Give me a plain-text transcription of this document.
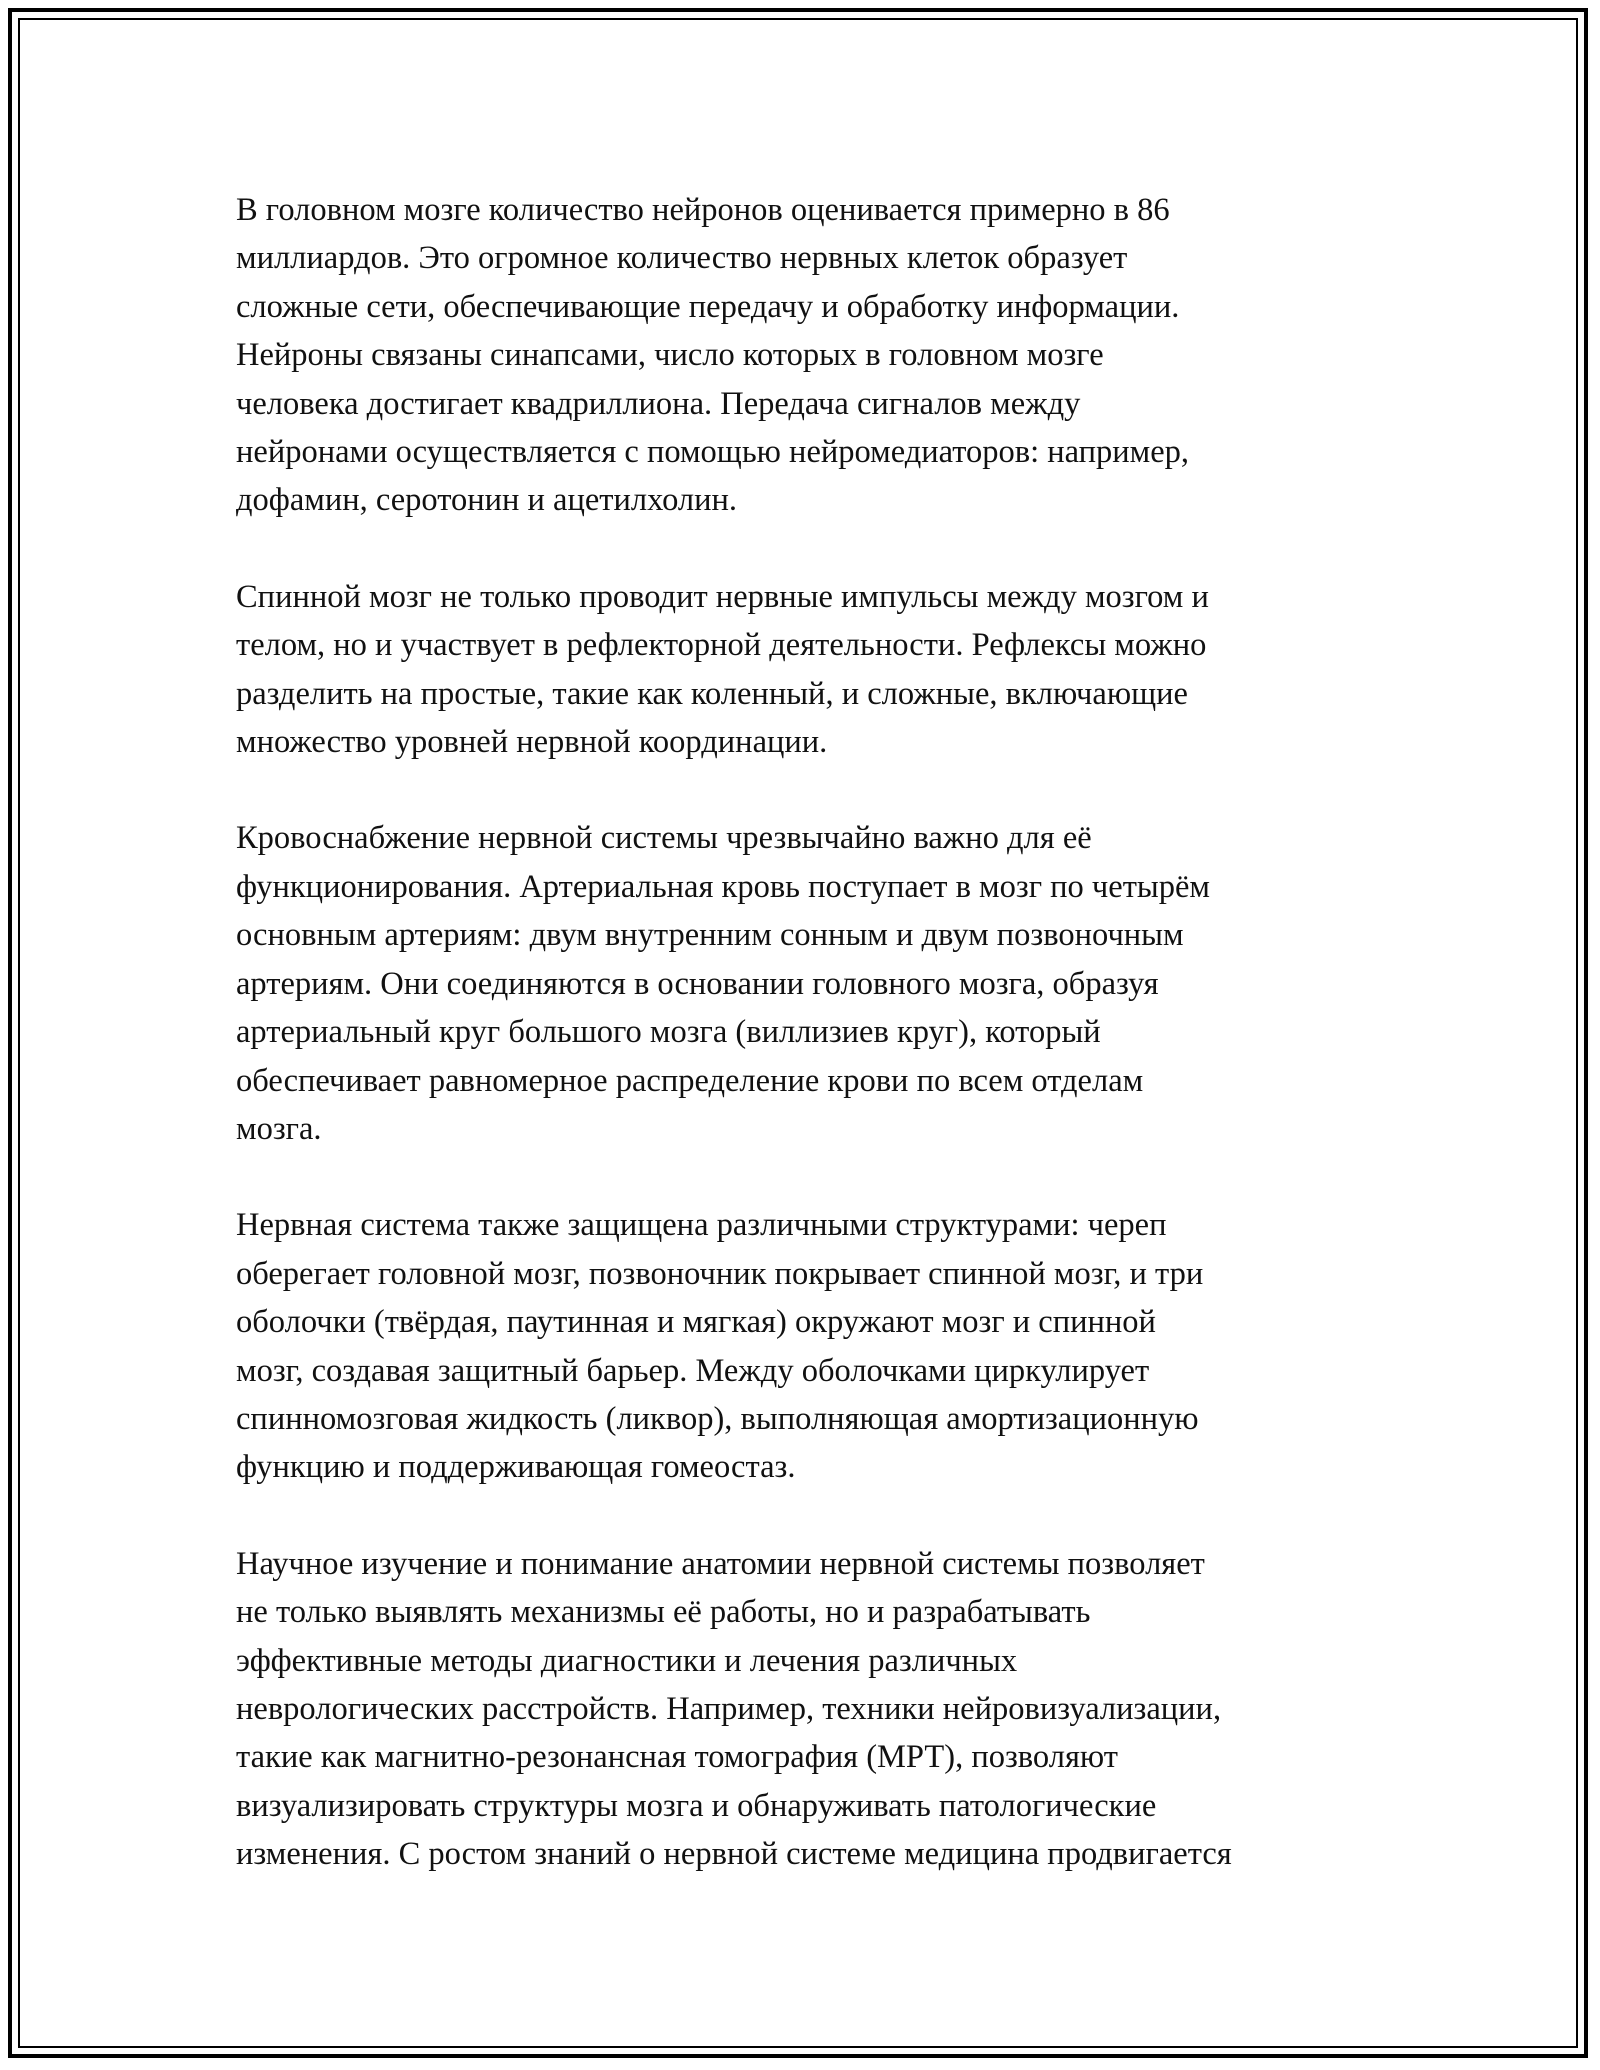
В головном мозге количество нейронов оценивается примерно в 86
миллиардов. Это огромное количество нервных клеток образует
сложные сети, обеспечивающие передачу и обработку информации.
Нейроны связаны синапсами, число которых в головном мозге
человека достигает квадриллиона. Передача сигналов между
нейронами осуществляется с помощью нейромедиаторов: например,
дофамин, серотонин и ацетилхолин.

Спинной мозг не только проводит нервные импульсы между мозгом и
телом, но и участвует в рефлекторной деятельности. Рефлексы можно
разделить на простые, такие как коленный, и сложные, включающие
множество уровней нервной координации.

Кровоснабжение нервной системы чрезвычайно важно для её
функционирования. Артериальная кровь поступает в мозг по четырём
основным артериям: двум внутренним сонным и двум позвоночным
артериям. Они соединяются в основании головного мозга, образуя
артериальный круг большого мозга (виллизиев круг), который
обеспечивает равномерное распределение крови по всем отделам
мозга.

Нервная система также защищена различными структурами: череп
оберегает головной мозг, позвоночник покрывает спинной мозг, и три
оболочки (твёрдая, паутинная и мягкая) окружают мозг и спинной
мозг, создавая защитный барьер. Между оболочками циркулирует
спинномозговая жидкость (ликвор), выполняющая амортизационную
функцию и поддерживающая гомеостаз.

Научное изучение и понимание анатомии нервной системы позволяет
не только выявлять механизмы её работы, но и разрабатывать
эффективные методы диагностики и лечения различных
неврологических расстройств. Например, техники нейровизуализации,
такие как магнитно-резонансная томография (МРТ), позволяют
визуализировать структуры мозга и обнаруживать патологические
изменения. С ростом знаний о нервной системе медицина продвигается
